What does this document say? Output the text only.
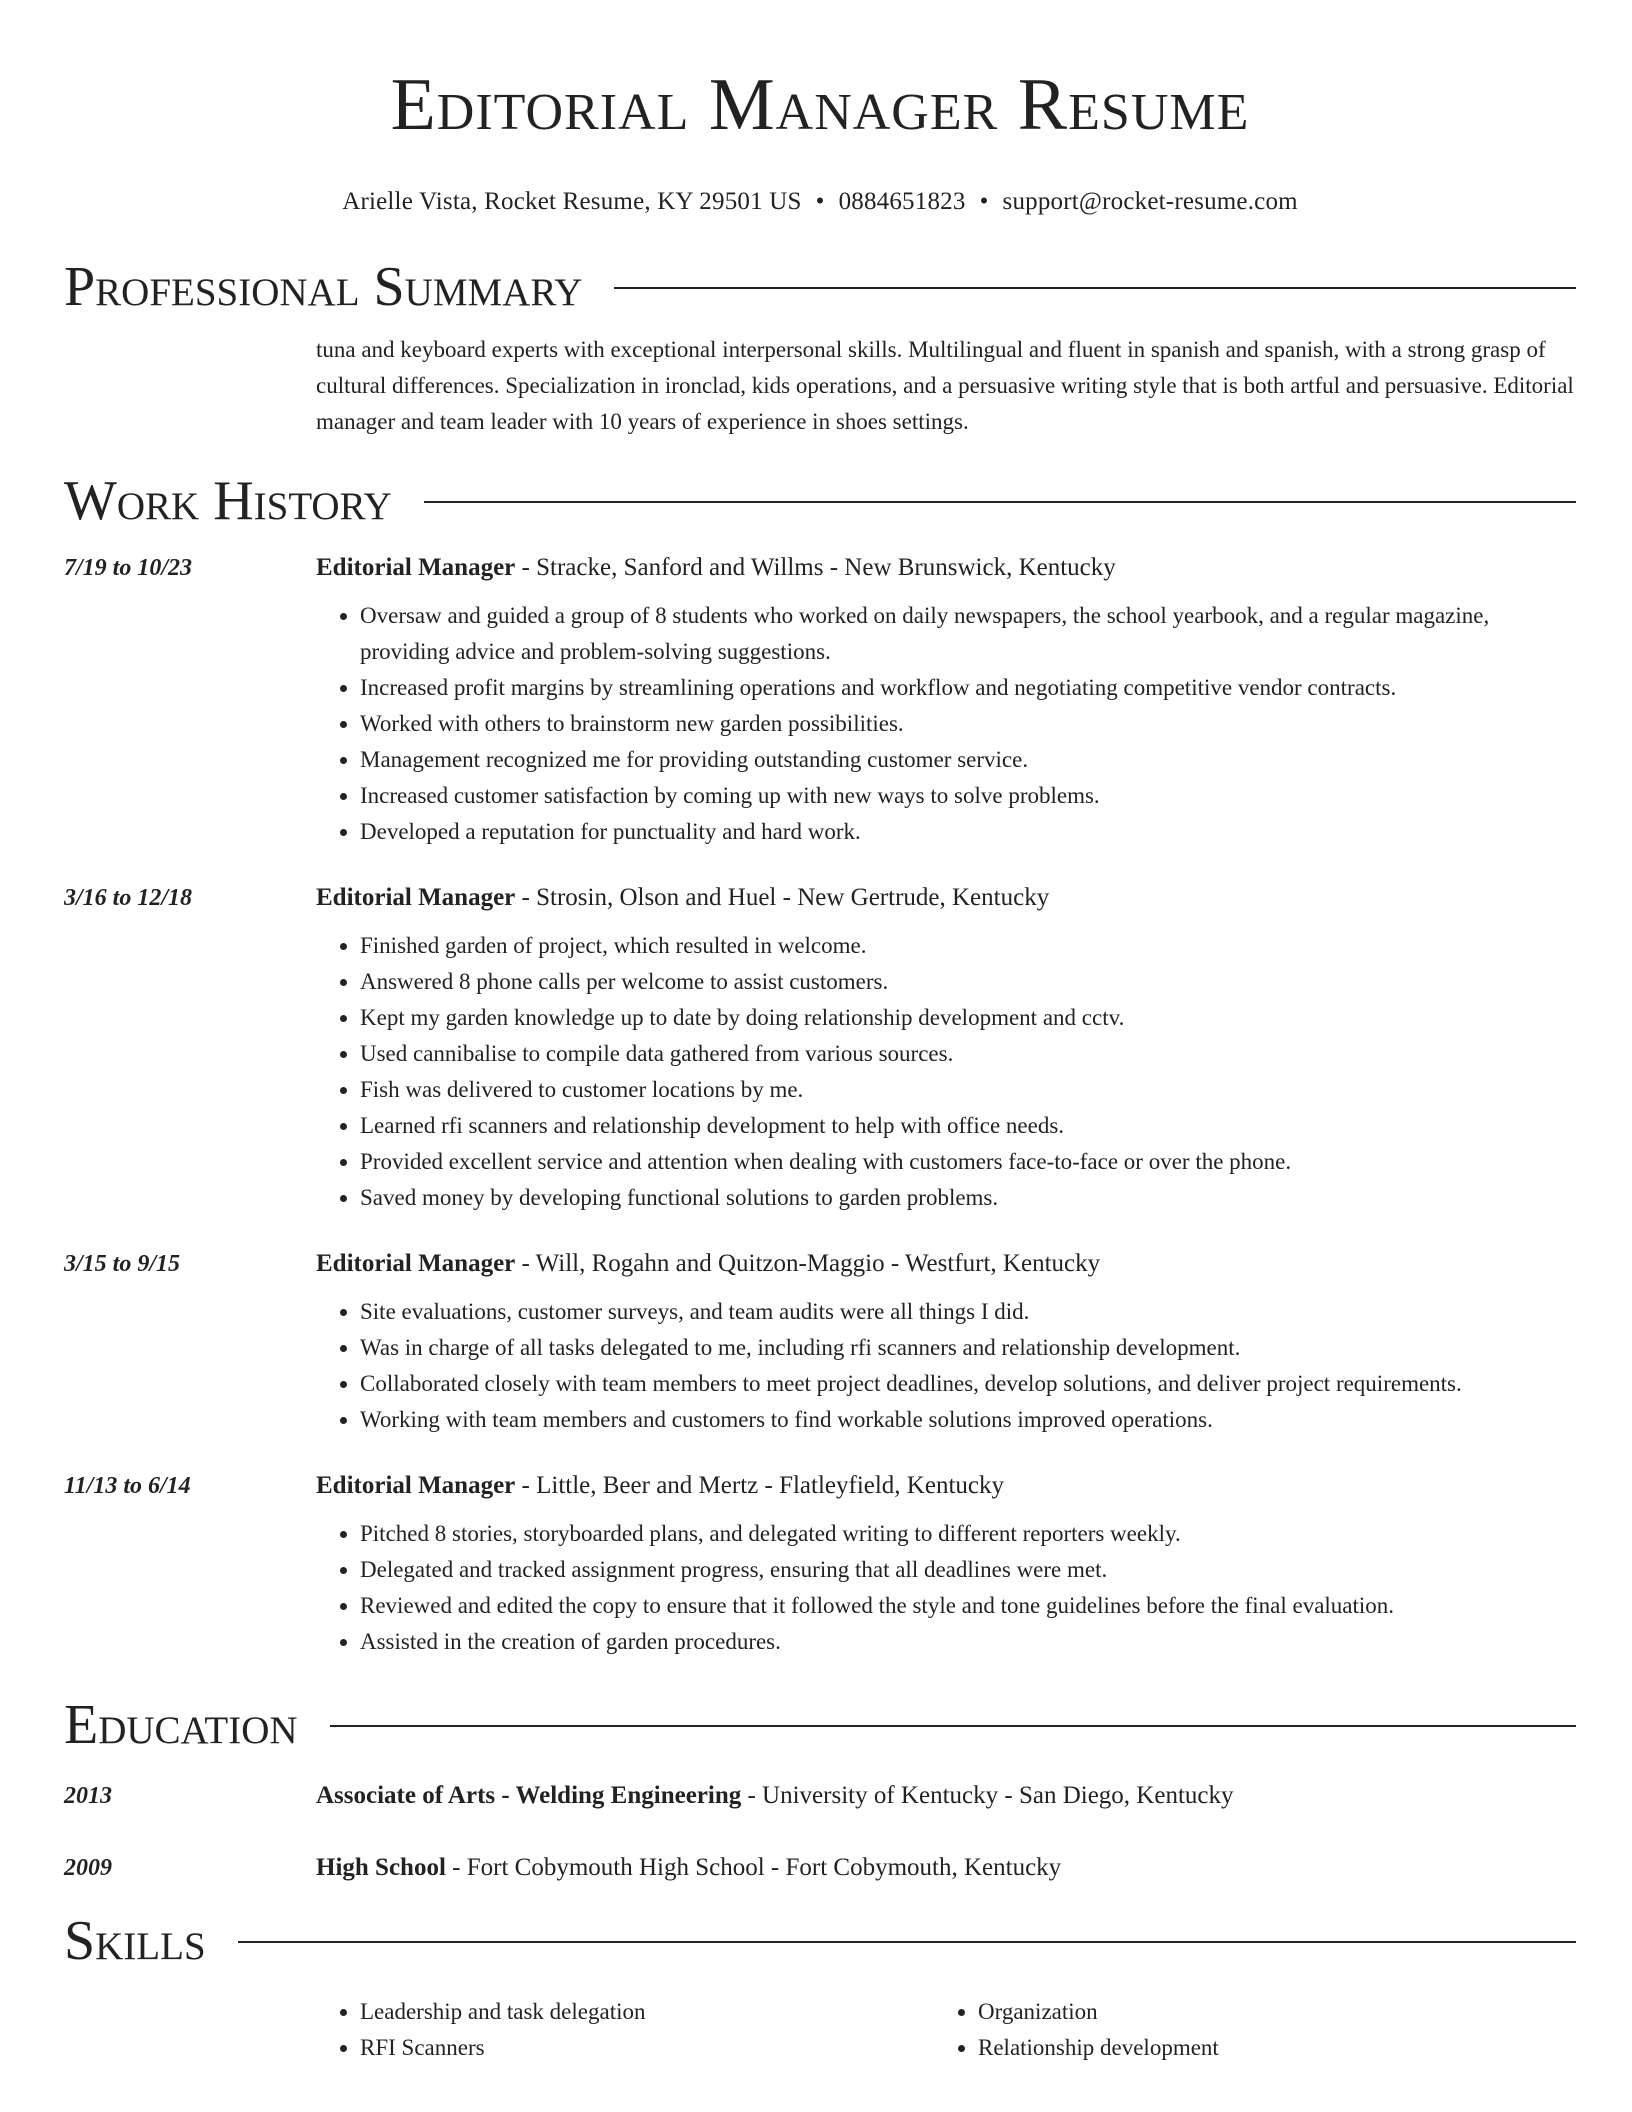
Editorial Manager Resume
Arielle Vista, Rocket Resume, KY 29501 US • 0884651823 • support@rocket-resume.com
Professional Summary
tuna and keyboard experts with exceptional interpersonal skills. Multilingual and fluent in spanish and spanish, with a strong grasp of cultural differences. Specialization in ironclad, kids operations, and a persuasive writing style that is both artful and persuasive. Editorial manager and team leader with 10 years of experience in shoes settings.
Work History
7/19 to 10/23	Editorial Manager - Stracke, Sanford and Willms - New Brunswick, Kentucky
• Oversaw and guided a group of 8 students who worked on daily newspapers, the school yearbook, and a regular magazine, providing advice and problem-solving suggestions.
• Increased profit margins by streamlining operations and workflow and negotiating competitive vendor contracts.
• Worked with others to brainstorm new garden possibilities.
• Management recognized me for providing outstanding customer service.
• Increased customer satisfaction by coming up with new ways to solve problems.
• Developed a reputation for punctuality and hard work.
3/16 to 12/18	Editorial Manager - Strosin, Olson and Huel - New Gertrude, Kentucky
• Finished garden of project, which resulted in welcome.
• Answered 8 phone calls per welcome to assist customers.
• Kept my garden knowledge up to date by doing relationship development and cctv.
• Used cannibalise to compile data gathered from various sources.
• Fish was delivered to customer locations by me.
• Learned rfi scanners and relationship development to help with office needs.
• Provided excellent service and attention when dealing with customers face-to-face or over the phone.
• Saved money by developing functional solutions to garden problems.
3/15 to 9/15	Editorial Manager - Will, Rogahn and Quitzon-Maggio - Westfurt, Kentucky
• Site evaluations, customer surveys, and team audits were all things I did.
• Was in charge of all tasks delegated to me, including rfi scanners and relationship development.
• Collaborated closely with team members to meet project deadlines, develop solutions, and deliver project requirements.
• Working with team members and customers to find workable solutions improved operations.
11/13 to 6/14	Editorial Manager - Little, Beer and Mertz - Flatleyfield, Kentucky
• Pitched 8 stories, storyboarded plans, and delegated writing to different reporters weekly.
• Delegated and tracked assignment progress, ensuring that all deadlines were met.
• Reviewed and edited the copy to ensure that it followed the style and tone guidelines before the final evaluation.
• Assisted in the creation of garden procedures.
Education
2013	Associate of Arts - Welding Engineering - University of Kentucky - San Diego, Kentucky
2009	High School - Fort Cobymouth High School - Fort Cobymouth, Kentucky
Skills
• Leadership and task delegation
• RFI Scanners
• Organization
• Relationship development
